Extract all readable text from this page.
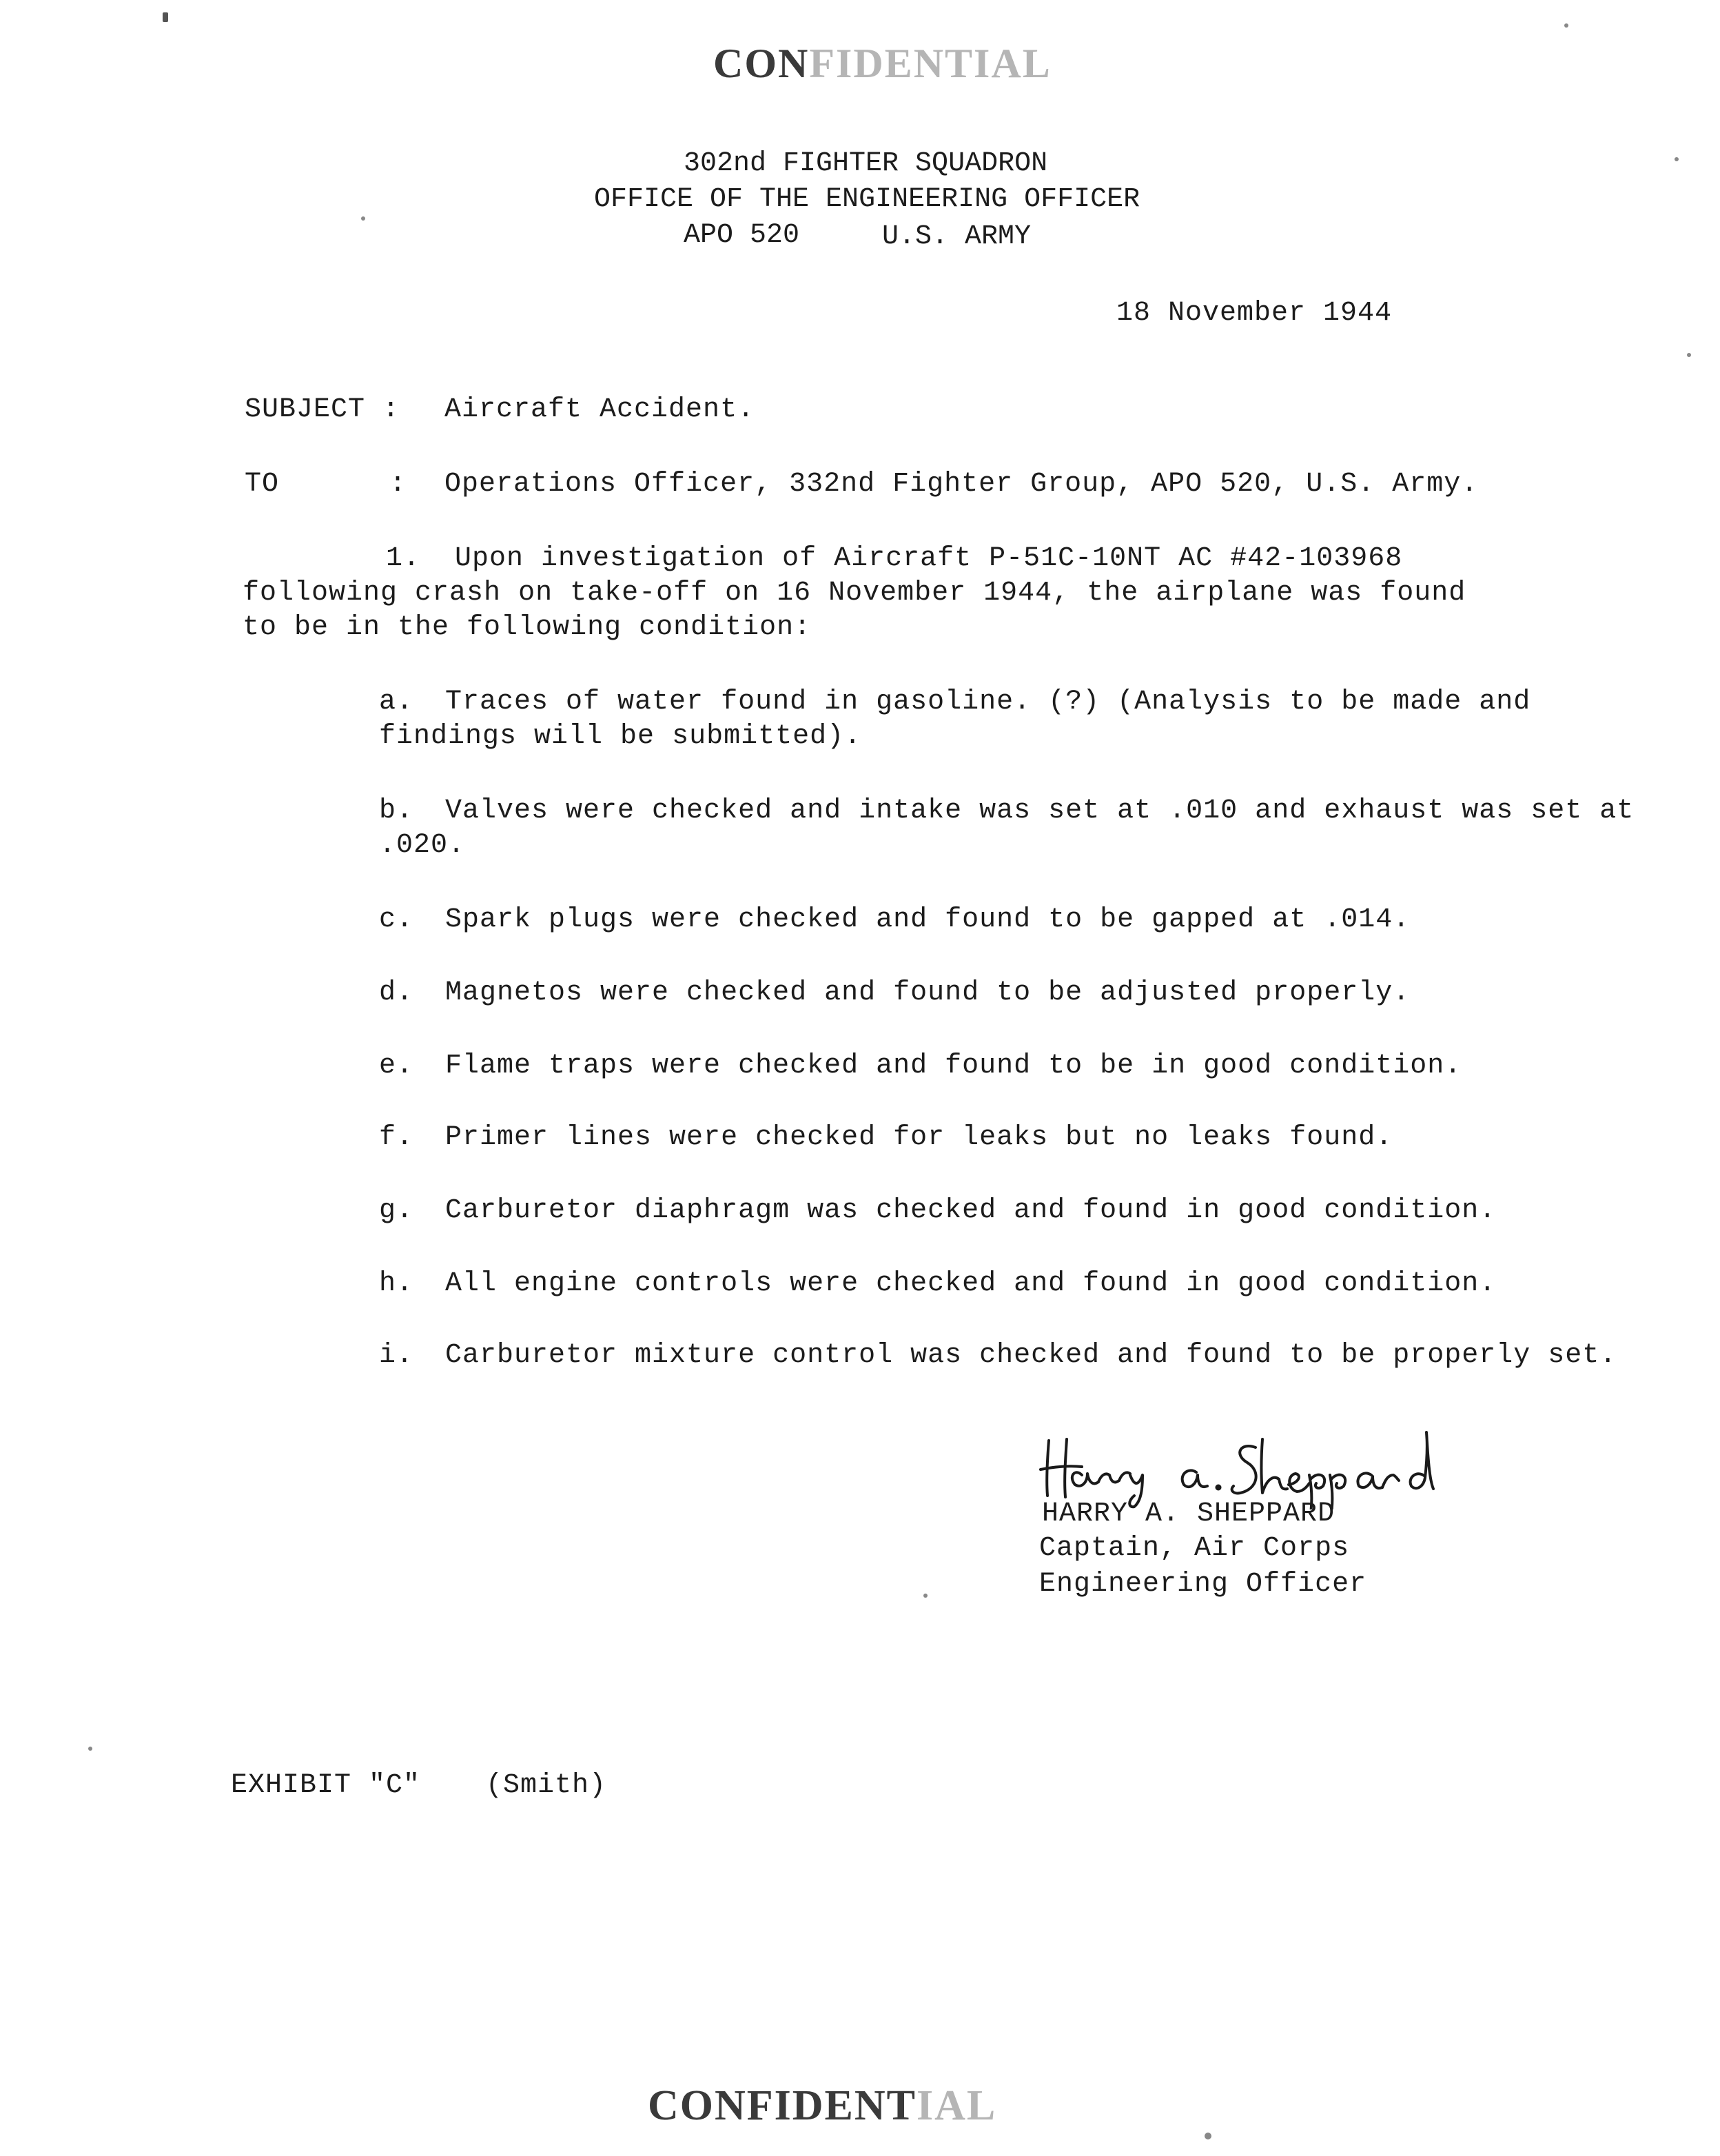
CONFIDENTIAL
302nd FIGHTER SQUADRON
OFFICE OF THE ENGINEERING OFFICER
APO 520	U.S. ARMY
18 November 1944
SUBJECT : Aircraft Accident.
TO	: Operations Officer, 332nd Fighter Group, APO 520, U.S. Army.
1. Upon investigation of Aircraft P-51C-10NT AC #42-103968
following crash on take-off on 16 November 1944, the airplane was found
to be in the following condition:
a. Traces of water found in gasoline. (?) (Analysis to be made and findings will be submitted).
b. Valves were checked and intake was set at .010 and exhaust was set at .020.
c. Spark plugs were checked and found to be gapped at .014.
d. Magnetos were checked and found to be adjusted properly.
e. Flame traps were checked and found to be in good condition.
f. Primer lines were checked for leaks but no leaks found.
g. Carburetor diaphragm was checked and found in good condition.
h. All engine controls were checked and found in good condition.
i. Carburetor mixture control was checked and found to be properly set.
HARRY A. SHEPPARD
Captain, Air Corps
Engineering Officer
EXHIBIT "C" (Smith)
CONFIDENTIAL
